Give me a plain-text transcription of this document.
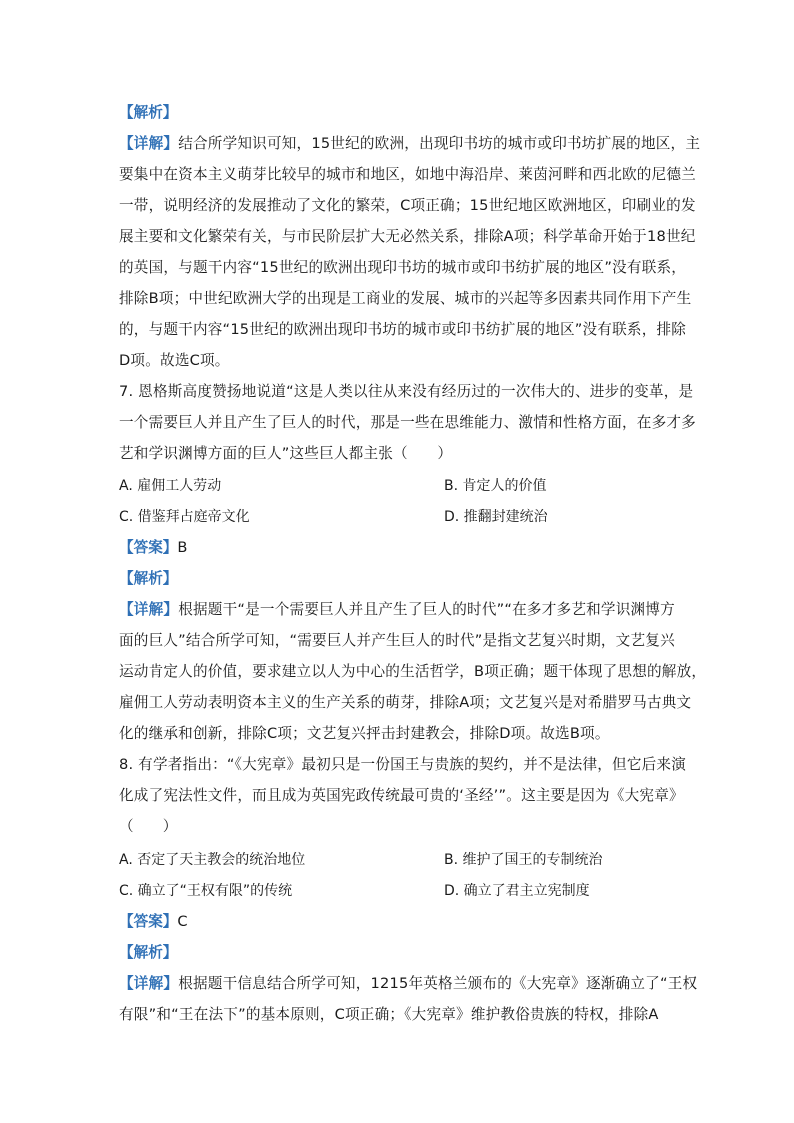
【解析】
【详解】结合所学知识可知，15世纪的欧洲，出现印书坊的城市或印书坊扩展的地区，主
要集中在资本主义萌芽比较早的城市和地区，如地中海沿岸、莱茵河畔和西北欧的尼德兰
一带，说明经济的发展推动了文化的繁荣，C项正确；15世纪地区欧洲地区，印刷业的发
展主要和文化繁荣有关，与市民阶层扩大无必然关系，排除A项；科学革命开始于18世纪
的英国，与题干内容“15世纪的欧洲出现印书坊的城市或印书纺扩展的地区”没有联系，
排除B项；中世纪欧洲大学的出现是工商业的发展、城市的兴起等多因素共同作用下产生
的，与题干内容“15世纪的欧洲出现印书坊的城市或印书纺扩展的地区”没有联系，排除
D项。故选C项。
7. 恩格斯高度赞扬地说道“这是人类以往从来没有经历过的一次伟大的、进步的变革，是
一个需要巨人并且产生了巨人的时代，那是一些在思维能力、激情和性格方面，在多才多
艺和学识渊博方面的巨人”这些巨人都主张（　　）
A. 雇佣工人劳动	B. 肯定人的价值
C. 借鉴拜占庭帝文化	D. 推翻封建统治
【答案】B
【解析】
【详解】根据题干“是一个需要巨人并且产生了巨人的时代”“在多才多艺和学识渊博方
面的巨人”结合所学可知，“需要巨人并产生巨人的时代”是指文艺复兴时期，文艺复兴
运动肯定人的价值，要求建立以人为中心的生活哲学，B项正确；题干体现了思想的解放，
雇佣工人劳动表明资本主义的生产关系的萌芽，排除A项；文艺复兴是对希腊罗马古典文
化的继承和创新，排除C项；文艺复兴抨击封建教会，排除D项。故选B项。
8. 有学者指出：“《大宪章》最初只是一份国王与贵族的契约，并不是法律，但它后来演
化成了宪法性文件，而且成为英国宪政传统最可贵的‘圣经’”。这主要是因为《大宪章》
（　　）
A. 否定了天主教会的统治地位	B. 维护了国王的专制统治
C. 确立了“王权有限”的传统	D. 确立了君主立宪制度
【答案】C
【解析】
【详解】根据题干信息结合所学可知，1215年英格兰颁布的《大宪章》逐渐确立了“王权
有限”和“王在法下”的基本原则，C项正确；《大宪章》维护教俗贵族的特权，排除A
